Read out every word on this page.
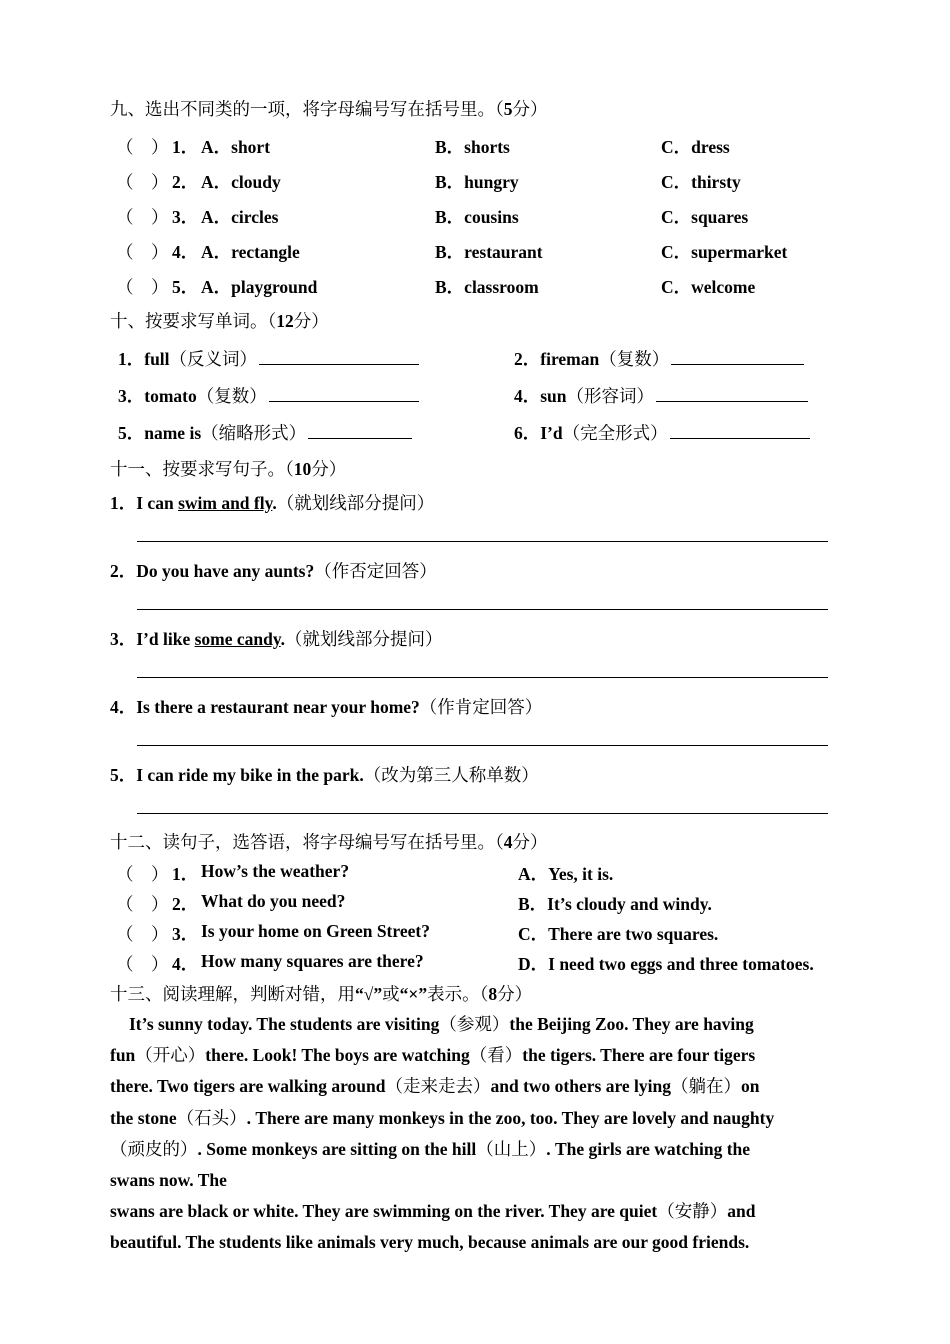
九、选出不同类的一项，将字母编号写在括号里。（5分）
（　） 1． A．short	B．shorts	C．dress
（　） 2． A．cloudy	B．hungry	C．thirsty
（　） 3． A．circles	B．cousins	C．squares
（　） 4． A．rectangle	B．restaurant	C．supermarket
（　） 5． A．playground	B．classroom	C．welcome
十、按要求写单词。（12分）
1．full（反义词）	2．fireman（复数）
3．tomato（复数）	4．sun（形容词）
5．name is（缩略形式）	6．I’d（完全形式）
十一、按要求写句子。（10分）
1．I can swim and fly.（就划线部分提问）
2．Do you have any aunts?（作否定回答）
3．I’d like some candy.（就划线部分提问）
4．Is there a restaurant near your home?（作肯定回答）
5．I can ride my bike in the park.（改为第三人称单数）
十二、读句子，选答语，将字母编号写在括号里。（4分）
（　） 1． How’s the weather?	A．Yes, it is.
（　） 2． What do you need?	B．It’s cloudy and windy.
（　） 3． Is your home on Green Street?	C．There are two squares.
（　） 4． How many squares are there?	D．I need two eggs and three tomatoes.
十三、阅读理解，判断对错，用“√”或“×”表示。（8分）

It’s sunny today. The students are visiting（参观）the Beijing Zoo. They are having

fun（开心）there. Look! The boys are watching（看）the tigers. There are four tigers

there. Two tigers are walking around（走来走去）and two others are lying（躺在）on

the stone（石头）. There are many monkeys in the zoo, too. They are lovely and naughty

（顽皮的）. Some monkeys are sitting on the hill（山上）. The girls are watching the

swans now. The

swans are black or white. They are swimming on the river. They are quiet（安静）and

beautiful. The students like animals very much, because animals are our good friends.
